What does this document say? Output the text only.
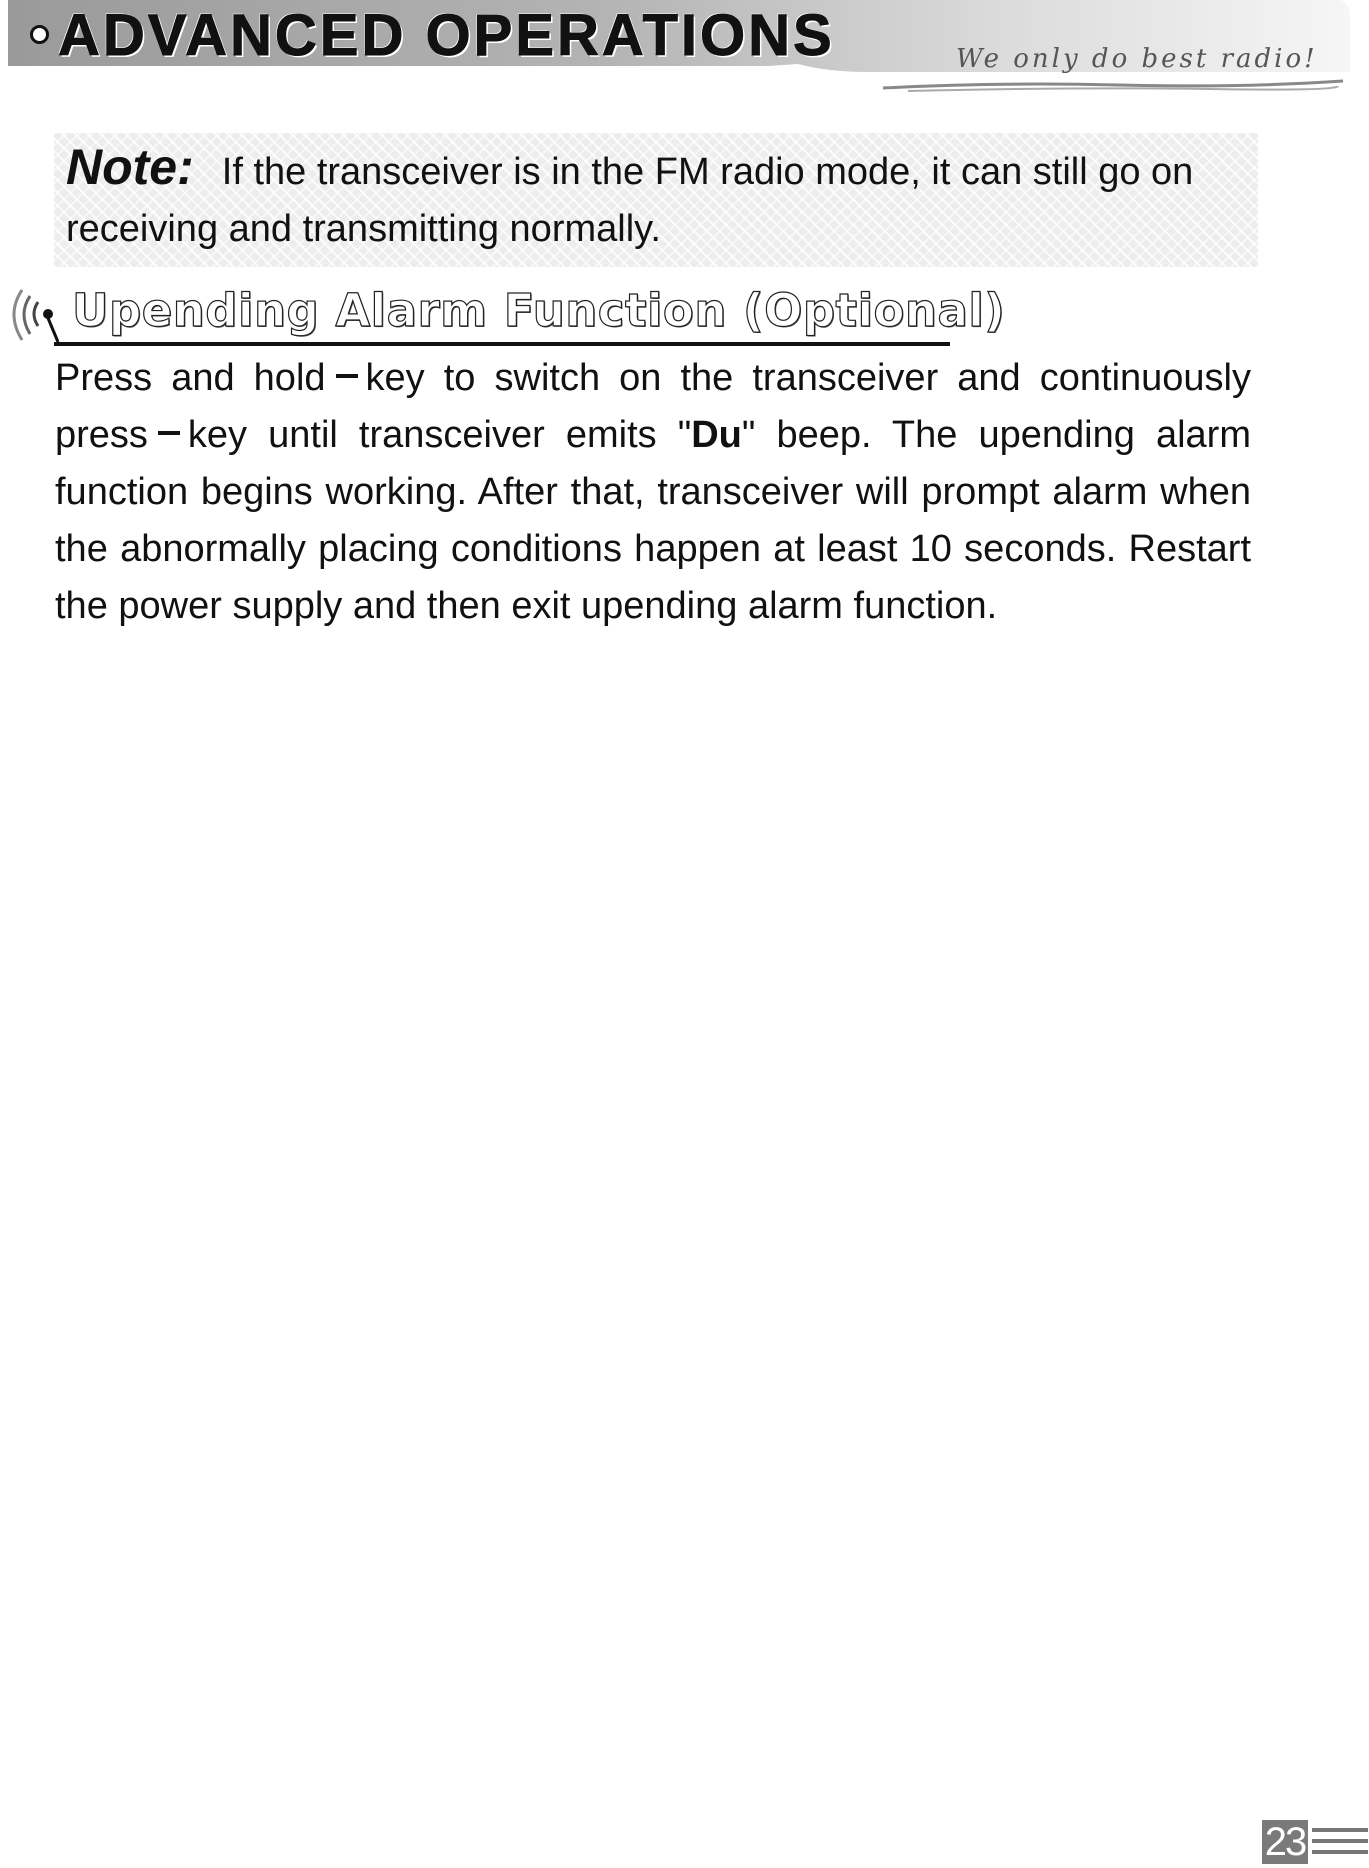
ADVANCED OPERATIONS	We only do best radio!
Note: If the transceiver is in the FM radio mode, it can still go on receiving and transmitting normally.
Upending Alarm Function (Optional)
Press and hold key to switch on the transceiver and continuously press key until transceiver emits "Du" beep. The upending alarm function begins working. After that, transceiver will prompt alarm when the abnormally placing conditions happen at least 10 seconds. Restart the power supply and then exit upending alarm function.
23
